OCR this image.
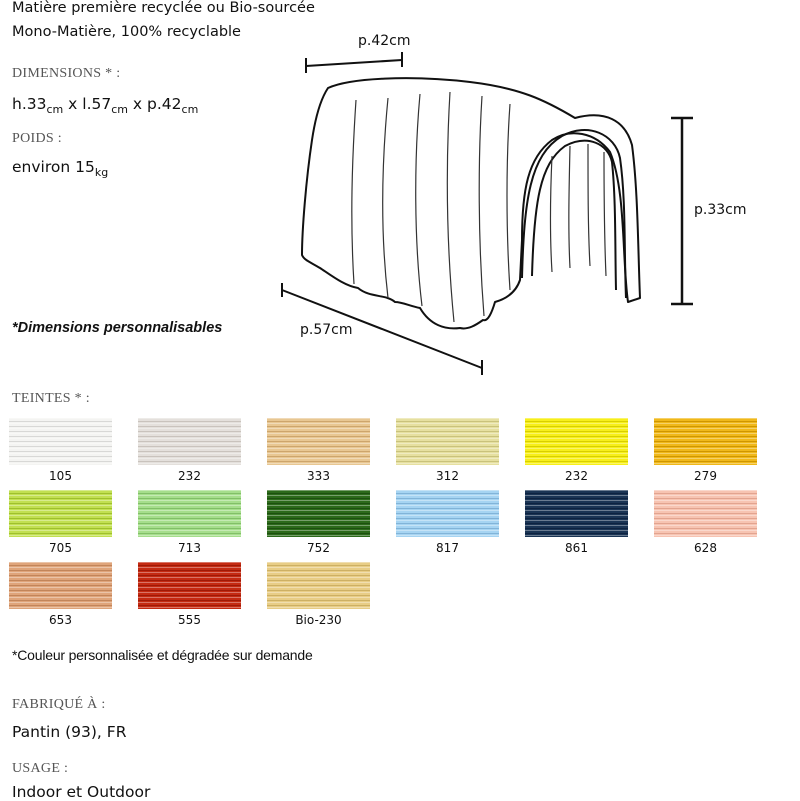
Matière première recyclée ou Bio-sourcée
Mono-Matière, 100% recyclable
DIMENSIONS * :
$h.33_{cm}$ x $l.57_{cm}$ x $p.42_{cm}$
POIDS :
environ $15_{kg}$
*Dimensions personnalisables
p.42cm
p.33cm
p.57cm
TEINTES * :
105	232	333	312	232	279
705	713	752	817	861	628
653	555	Bio-230
*Couleur personnalisée et dégradée sur demande
FABRIQUÉ À :
Pantin (93), FR
USAGE :
Indoor et Outdoor
